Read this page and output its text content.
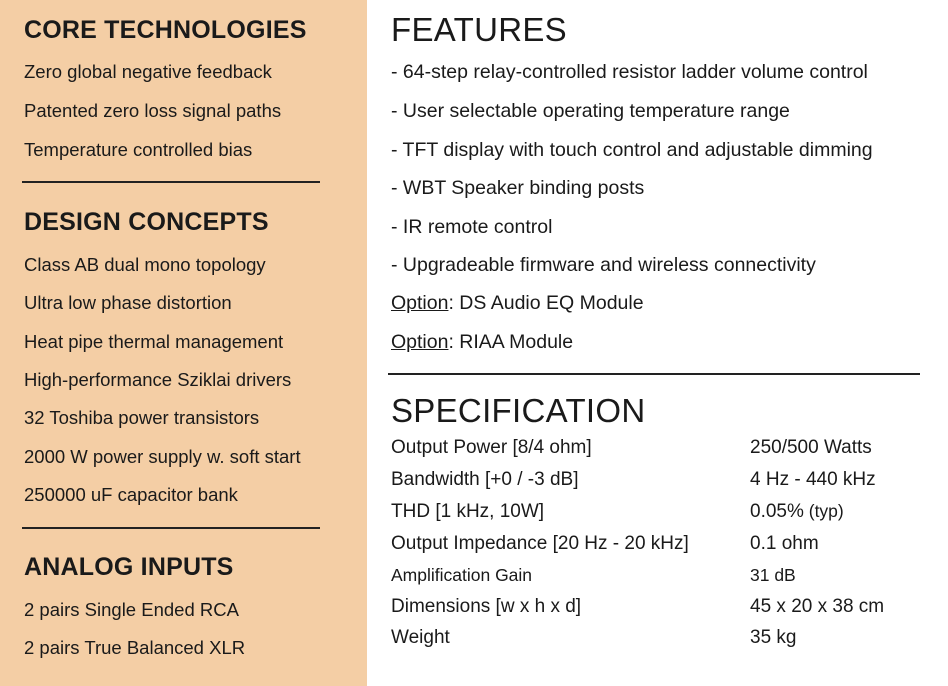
CORE TECHNOLOGIES
Zero global negative feedback
Patented zero loss signal paths
Temperature controlled bias
DESIGN CONCEPTS
Class AB dual mono topology
Ultra low phase distortion
Heat pipe thermal management
High-performance Sziklai drivers
32 Toshiba power transistors
2000 W power supply w. soft start
250000 uF capacitor bank
ANALOG INPUTS
2 pairs Single Ended RCA
2 pairs True Balanced XLR
FEATURES
- 64-step relay-controlled resistor ladder volume control
- User selectable operating temperature range
- TFT display with touch control and adjustable dimming
- WBT Speaker binding posts
- IR remote control
- Upgradeable firmware and wireless connectivity
Option: DS Audio EQ Module
Option: RIAA Module
SPECIFICATION
Output Power [8/4 ohm]	250/500 Watts
Bandwidth [+0 / -3 dB]	4 Hz - 440 kHz
THD [1 kHz, 10W]	0.05% (typ)
Output Impedance [20 Hz - 20 kHz]	0.1 ohm
Amplification Gain	31 dB
Dimensions [w x h x d]	45 x 20 x 38 cm
Weight	35 kg
